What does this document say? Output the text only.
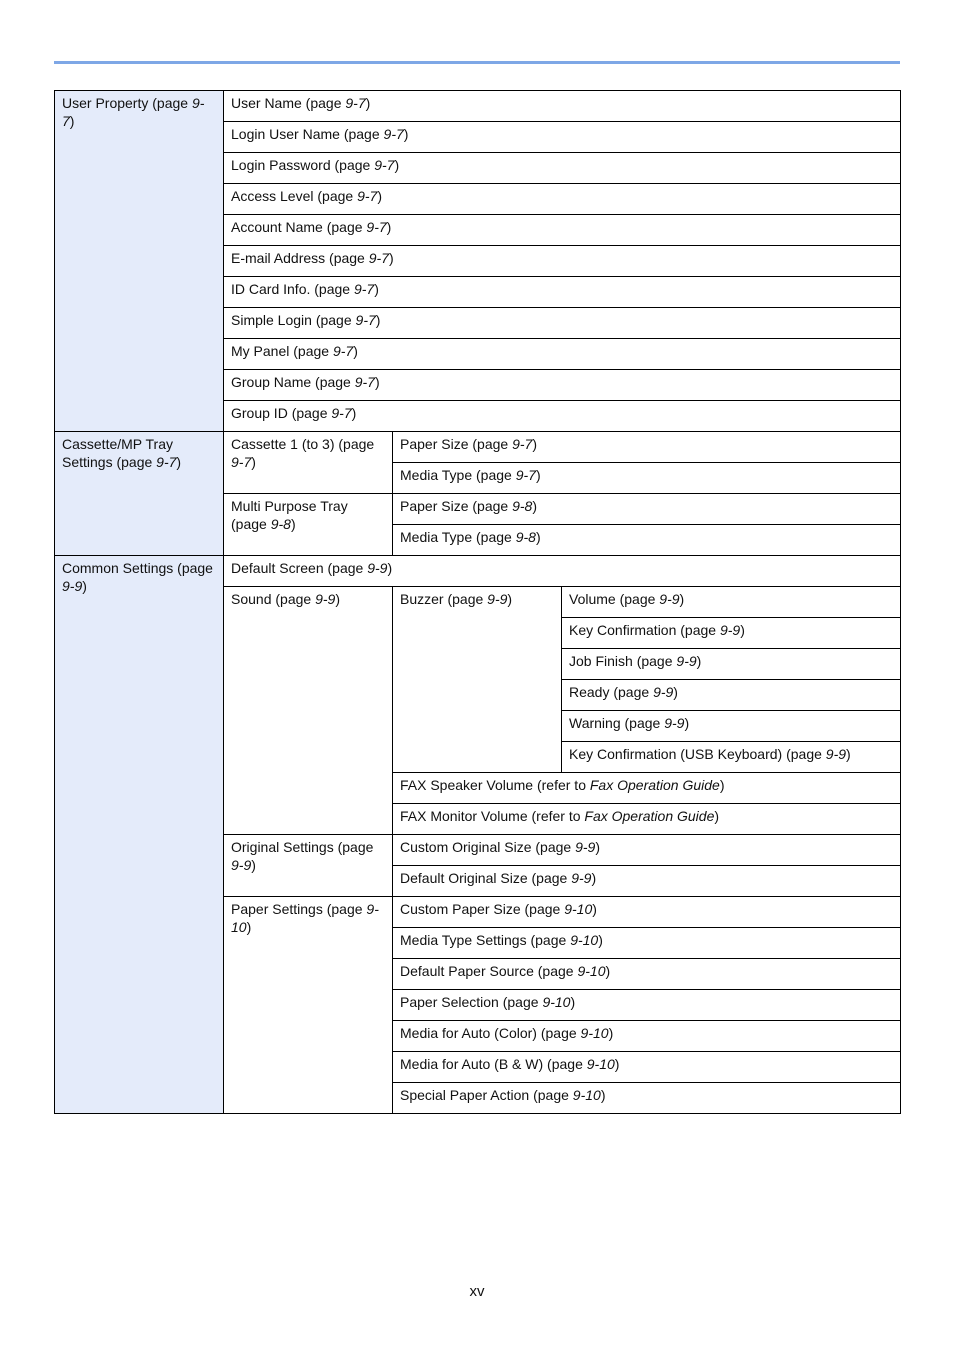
User Property (page 9-7)	User Name (page 9-7)		
	Login User Name (page 9-7)		
	Login Password (page 9-7)		
	Access Level (page 9-7)		
	Account Name (page 9-7)		
	E-mail Address (page 9-7)		
	ID Card Info. (page 9-7)		
	Simple Login (page 9-7)		
	My Panel (page 9-7)		
	Group Name (page 9-7)		
	Group ID (page 9-7)		
Cassette/MP Tray Settings (page 9-7)	Cassette 1 (to 3) (page 9-7)	Paper Size (page 9-7)	
		Media Type (page 9-7)	
	Multi Purpose Tray (page 9-8)	Paper Size (page 9-8)	
		Media Type (page 9-8)	
Common Settings (page 9-9)	Default Screen (page 9-9)		
	Sound (page 9-9)	Buzzer (page 9-9)	Volume (page 9-9)
			Key Confirmation (page 9-9)
			Job Finish (page 9-9)
			Ready (page 9-9)
			Warning (page 9-9)
			Key Confirmation (USB Keyboard) (page 9-9)
		FAX Speaker Volume (refer to Fax Operation Guide)	
		FAX Monitor Volume (refer to Fax Operation Guide)	
	Original Settings (page 9-9)	Custom Original Size (page 9-9)	
		Default Original Size (page 9-9)	
	Paper Settings (page 9-10)	Custom Paper Size (page 9-10)	
		Media Type Settings (page 9-10)	
		Default Paper Source (page 9-10)	
		Paper Selection (page 9-10)	
		Media for Auto (Color) (page 9-10)	
		Media for Auto (B & W) (page 9-10)	
		Special Paper Action (page 9-10)	
xv
